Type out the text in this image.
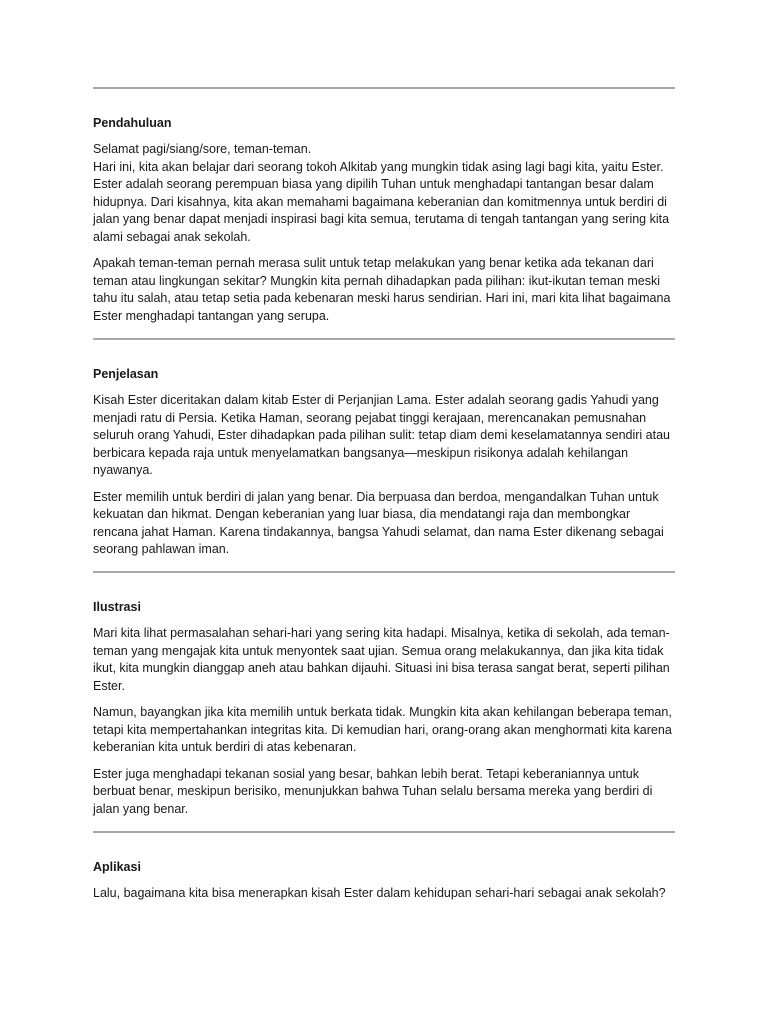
Pendahuluan

Selamat pagi/siang/sore, teman-teman.
Hari ini, kita akan belajar dari seorang tokoh Alkitab yang mungkin tidak asing lagi bagi kita, yaitu Ester. Ester adalah seorang perempuan biasa yang dipilih Tuhan untuk menghadapi tantangan besar dalam hidupnya. Dari kisahnya, kita akan memahami bagaimana keberanian dan komitmennya untuk berdiri di jalan yang benar dapat menjadi inspirasi bagi kita semua, terutama di tengah tantangan yang sering kita alami sebagai anak sekolah.

Apakah teman-teman pernah merasa sulit untuk tetap melakukan yang benar ketika ada tekanan dari teman atau lingkungan sekitar? Mungkin kita pernah dihadapkan pada pilihan: ikut-ikutan teman meski tahu itu salah, atau tetap setia pada kebenaran meski harus sendirian. Hari ini, mari kita lihat bagaimana Ester menghadapi tantangan yang serupa.

Penjelasan

Kisah Ester diceritakan dalam kitab Ester di Perjanjian Lama. Ester adalah seorang gadis Yahudi yang menjadi ratu di Persia. Ketika Haman, seorang pejabat tinggi kerajaan, merencanakan pemusnahan seluruh orang Yahudi, Ester dihadapkan pada pilihan sulit: tetap diam demi keselamatannya sendiri atau berbicara kepada raja untuk menyelamatkan bangsanya—meskipun risikonya adalah kehilangan nyawanya.

Ester memilih untuk berdiri di jalan yang benar. Dia berpuasa dan berdoa, mengandalkan Tuhan untuk kekuatan dan hikmat. Dengan keberanian yang luar biasa, dia mendatangi raja dan membongkar rencana jahat Haman. Karena tindakannya, bangsa Yahudi selamat, dan nama Ester dikenang sebagai seorang pahlawan iman.

Ilustrasi

Mari kita lihat permasalahan sehari-hari yang sering kita hadapi. Misalnya, ketika di sekolah, ada teman-teman yang mengajak kita untuk menyontek saat ujian. Semua orang melakukannya, dan jika kita tidak ikut, kita mungkin dianggap aneh atau bahkan dijauhi. Situasi ini bisa terasa sangat berat, seperti pilihan Ester.

Namun, bayangkan jika kita memilih untuk berkata tidak. Mungkin kita akan kehilangan beberapa teman, tetapi kita mempertahankan integritas kita. Di kemudian hari, orang-orang akan menghormati kita karena keberanian kita untuk berdiri di atas kebenaran.

Ester juga menghadapi tekanan sosial yang besar, bahkan lebih berat. Tetapi keberaniannya untuk berbuat benar, meskipun berisiko, menunjukkan bahwa Tuhan selalu bersama mereka yang berdiri di jalan yang benar.

Aplikasi

Lalu, bagaimana kita bisa menerapkan kisah Ester dalam kehidupan sehari-hari sebagai anak sekolah?
